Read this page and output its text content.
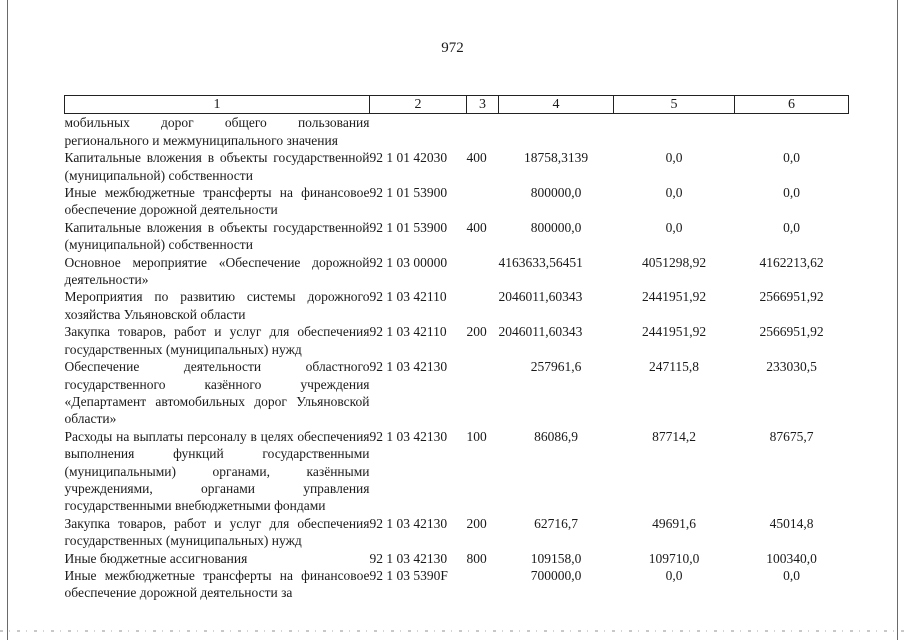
972
1	2	3	4	5	6
мобильных дорог общего пользования регионального и межмуниципального значения					
Капитальные вложения в объекты государственной (муниципальной) собственности	92 1 01 42030	400	18758,3139	0,0	0,0
Иные межбюджетные трансферты на финансовое обеспечение дорожной деятельности	92 1 01 53900		800000,0	0,0	0,0
Капитальные вложения в объекты государственной (муниципальной) собственности	92 1 01 53900	400	800000,0	0,0	0,0
Основное мероприятие «Обеспечение дорожной деятельности»	92 1 03 00000		4163633,56451	4051298,92	4162213,62
Мероприятия по развитию системы дорожного хозяйства Ульяновской области	92 1 03 42110		2046011,60343	2441951,92	2566951,92
Закупка товаров, работ и услуг для обеспечения государственных (муниципальных) нужд	92 1 03 42110	200	2046011,60343	2441951,92	2566951,92
Обеспечение деятельности областного государственного казённого учреждения «Департамент автомобильных дорог Ульяновской области»	92 1 03 42130		257961,6	247115,8	233030,5
Расходы на выплаты персоналу в целях обеспечения выполнения функций государственными (муниципальными) органами, казёнными учреждениями, органами управления государственными внебюджетными фондами	92 1 03 42130	100	86086,9	87714,2	87675,7
Закупка товаров, работ и услуг для обеспечения государственных (муниципальных) нужд	92 1 03 42130	200	62716,7	49691,6	45014,8
Иные бюджетные ассигнования	92 1 03 42130	800	109158,0	109710,0	100340,0
Иные межбюджетные трансферты на финансовое обеспечение дорожной деятельности за	92 1 03 5390F		700000,0	0,0	0,0
